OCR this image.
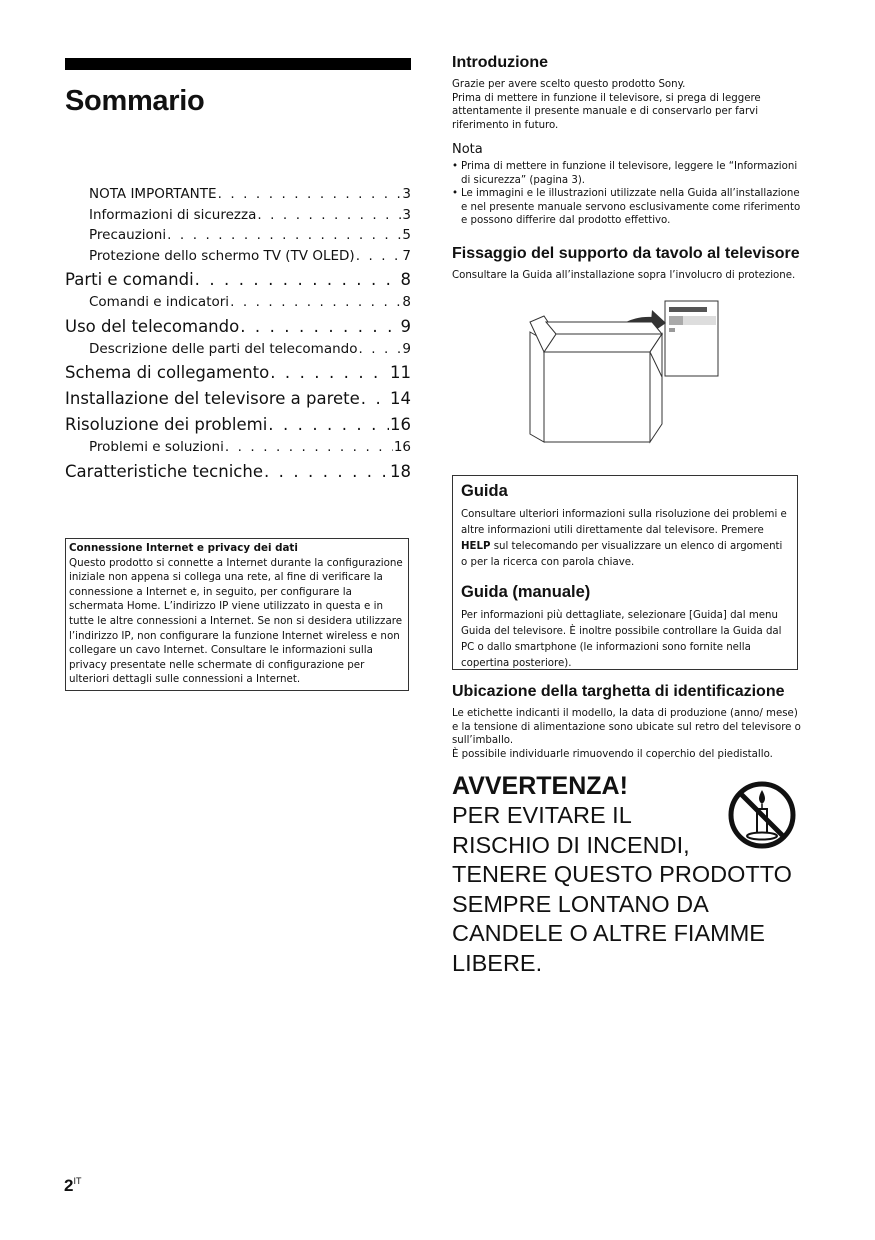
Sommario
NOTA IMPORTANTE . . .	3
Informazioni di sicurezza . . .	3
Precauzioni . . .	5
Protezione dello schermo TV (TV OLED) . . .	7
Parti e comandi . . .	8
Comandi e indicatori . . .	8
Uso del telecomando . . .	9
Descrizione delle parti del telecomando . . .	9
Schema di collegamento . . .	11
Installazione del televisore a parete . . . 14
Risoluzione dei problemi . . .	16
Problemi e soluzioni . . .	16
Caratteristiche tecniche . . .	18
Connessione Internet e privacy dei dati

Questo prodotto si connette a Internet durante la configurazione iniziale non appena si collega una rete, al fine di verificare la connessione a Internet e, in seguito, per configurare la schermata Home. L’indirizzo IP viene utilizzato in questa e in tutte le altre connessioni a Internet. Se non si desidera utilizzare l’indirizzo IP, non configurare la funzione Internet wireless e non collegare un cavo Internet. Consultare le informazioni sulla privacy presentate nelle schermate di configurazione per ulteriori dettagli sulle connessioni a Internet.

Introduzione

Grazie per avere scelto questo prodotto Sony.

Prima di mettere in funzione il televisore, si prega di leggere attentamente il presente manuale e di conservarlo per farvi riferimento in futuro.

Nota
• Prima di mettere in funzione il televisore, leggere le “Informazioni di sicurezza” (pagina 3).
• Le immagini e le illustrazioni utilizzate nella Guida all’installazione e nel presente manuale servono esclusivamente come riferimento e possono differire dal prodotto effettivo.
Fissaggio del supporto da tavolo al televisore

Consultare la Guida all’installazione sopra l’involucro di protezione.

Guida

Consultare ulteriori informazioni sulla risoluzione dei problemi e altre informazioni utili direttamente dal televisore. Premere HELP sul telecomando per visualizzare un elenco di argomenti o per la ricerca con parola chiave.

Guida (manuale)

Per informazioni più dettagliate, selezionare [Guida] dal menu Guida del televisore. È inoltre possibile controllare la Guida dal PC o dallo smartphone (le informazioni sono fornite nella copertina posteriore).

Ubicazione della targhetta di identificazione

Le etichette indicanti il modello, la data di produzione (anno/ mese) e la tensione di alimentazione sono ubicate sul retro del televisore o sull’imballo.

È possibile individuarle rimuovendo il coperchio del piedistallo.

AVVERTENZA!
PER EVITARE IL
RISCHIO DI INCENDI,
TENERE QUESTO PRODOTTO
SEMPRE LONTANO DA
CANDELE O ALTRE FIAMME
LIBERE.
$2^{IT}$
